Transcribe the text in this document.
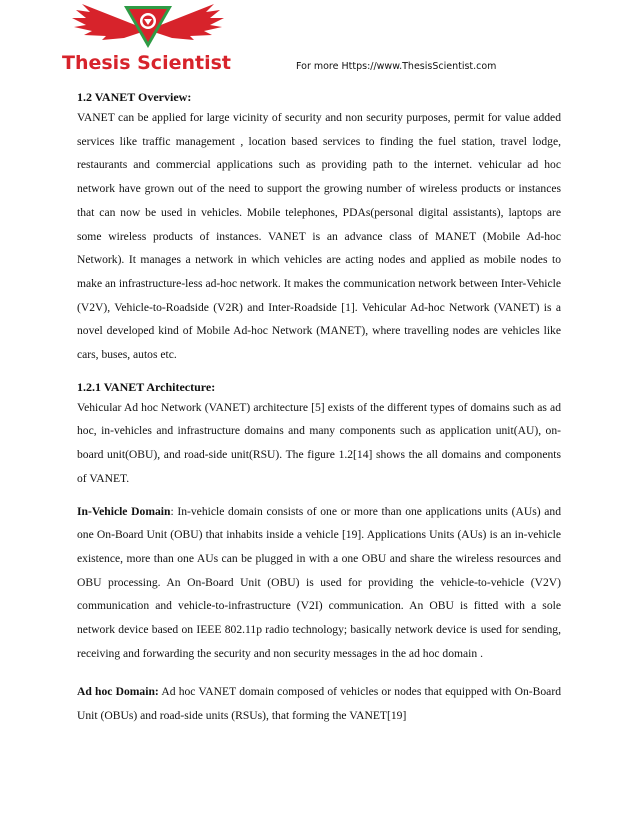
Thesis Scientist	For more Https://www.ThesisScientist.com

1.2 VANET Overview:

VANET can be applied for large vicinity of security and non security purposes, permit for value added services like traffic management , location based services to finding the fuel station, travel lodge, restaurants and commercial applications such as providing path to the internet. vehicular ad hoc network have grown out of the need to support the growing number of wireless products or instances that can now be used in vehicles. Mobile telephones, PDAs(personal digital assistants), laptops are some wireless products of instances. VANET is an advance class of MANET (Mobile Ad-hoc Network). It manages a network in which vehicles are acting nodes and applied as mobile nodes to make an infrastructure-less ad-hoc network. It makes the communication network between Inter-Vehicle (V2V), Vehicle-to-Roadside (V2R) and Inter-Roadside [1]. Vehicular Ad-hoc Network (VANET) is a novel developed kind of Mobile Ad-hoc Network (MANET), where travelling nodes are vehicles like cars, buses, autos etc.

1.2.1 VANET Architecture:

Vehicular Ad hoc Network (VANET) architecture [5] exists of the different types of domains such as ad hoc, in-vehicles and infrastructure domains and many components such as application unit(AU), on-board unit(OBU), and road-side unit(RSU). The figure 1.2[14] shows the all domains and components of VANET.

In-Vehicle Domain: In-vehicle domain consists of one or more than one applications units (AUs) and one On-Board Unit (OBU) that inhabits inside a vehicle [19]. Applications Units (AUs) is an in-vehicle existence, more than one AUs can be plugged in with a one OBU and share the wireless resources and OBU processing. An On-Board Unit (OBU) is used for providing the vehicle-to-vehicle (V2V) communication and vehicle-to-infrastructure (V2I) communication. An OBU is fitted with a sole network device based on IEEE 802.11p radio technology; basically network device is used for sending, receiving and forwarding the security and non security messages in the ad hoc domain .

Ad hoc Domain: Ad hoc VANET domain composed of vehicles or nodes that equipped with On-Board Unit (OBUs) and road-side units (RSUs), that forming the VANET[19]
